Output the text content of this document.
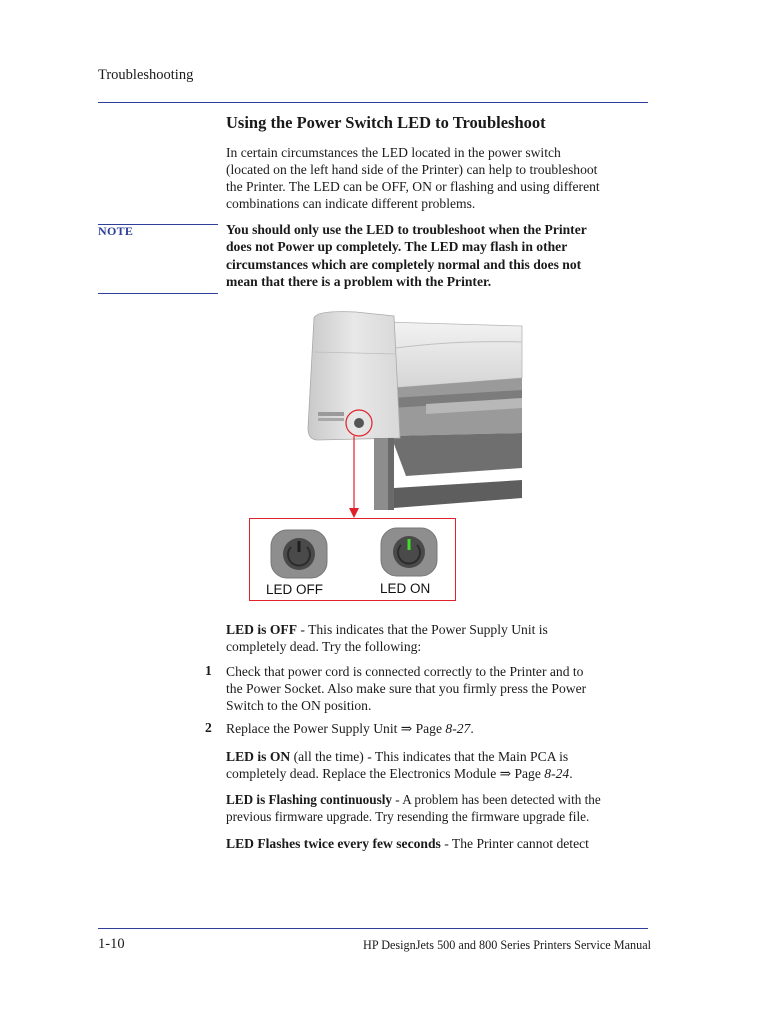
Troubleshooting
Using the Power Switch LED to Troubleshoot
In certain circumstances the LED located in the power switch
(located on the left hand side of the Printer) can help to troubleshoot
the Printer. The LED can be OFF, ON or flashing and using different
combinations can indicate different problems.
NOTE	You should only use the LED to troubleshoot when the Printer
does not Power up completely. The LED may flash in other
circumstances which are completely normal and this does not
mean that there is a problem with the Printer.
LED OFF	LED ON
LED is OFF - This indicates that the Power Supply Unit is
completely dead. Try the following:
1 Check that power cord is connected correctly to the Printer and to
the Power Socket. Also make sure that you firmly press the Power
Switch to the ON position.
2 Replace the Power Supply Unit ⇒ Page 8-27.
LED is ON (all the time) - This indicates that the Main PCA is
completely dead. Replace the Electronics Module ⇒ Page 8-24.
LED is Flashing continuously - A problem has been detected with the
previous firmware upgrade. Try resending the firmware upgrade file.
LED Flashes twice every few seconds - The Printer cannot detect
1-10	HP DesignJets 500 and 800 Series Printers Service Manual
